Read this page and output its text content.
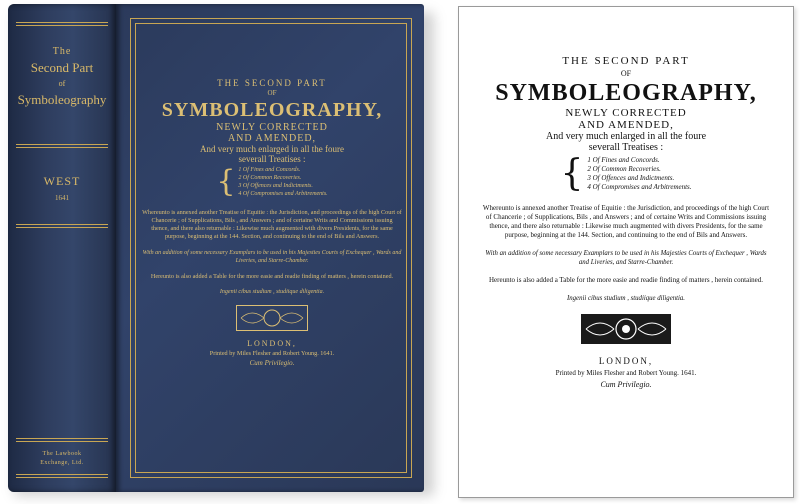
The
Second Part
of
Symboleography
WEST
1641
The Lawbook
Exchange, Ltd.
THE SECOND PART
OF
SYMBOLEOGRAPHY,
NEWLY CORRECTED
AND AMENDED,
And very much enlarged in all the foure
severall Treatises :
{ 1 Of Fines and Concords.
2 Of Common Recoveries.
3 Of Offences and Indictments.
4 Of Compromises and Arbitrements.
Whereunto is annexed another Treatise of Equitie : the Jurisdiction, and proceedings of the high Court of Chancerie ; of Supplications, Bils , and Answers ; and of certaine Writs and Commissions issuing thence, and there also returnable : Likewise much augmented with divers Presidents, for the same purpose, beginning at the 144. Section, and continuing to the end of Bils and Answers.
With an addition of some necessary Examplars to be used in his Majesties Courts of Exchequer , Wards and Liveries, and Starre-Chamber.
Hereunto is also added a Table for the more easie and readie finding of matters , herein contained.
Ingenii cibus studium , studiique diligentia.
LONDON,
Printed by Miles Flesher and Robert Young. 1641.
Cum Privilegio.
THE SECOND PART
OF
SYMBOLEOGRAPHY,
NEWLY CORRECTED
AND AMENDED,
And very much enlarged in all the foure
severall Treatises :
{ 1 Of Fines and Concords.
2 Of Common Recoveries.
3 Of Offences and Indictments.
4 Of Compromises and Arbitrements.
Whereunto is annexed another Treatise of Equitie : the Jurisdiction, and proceedings of the high Court of Chancerie ; of Supplications, Bils , and Answers ; and of certaine Writs and Commissions issuing thence, and there also returnable : Likewise much augmented with divers Presidents, for the same purpose, beginning at the 144. Section, and continuing to the end of Bils and Answers.
With an addition of some necessary Examplars to be used in his Majesties Courts of Exchequer , Wards and Liveries, and Starre-Chamber.
Hereunto is also added a Table for the more easie and readie finding of matters , herein contained.
Ingenii cibus studium , studiique diligentia.
LONDON,
Printed by Miles Flesher and Robert Young. 1641.
Cum Privilegio.
